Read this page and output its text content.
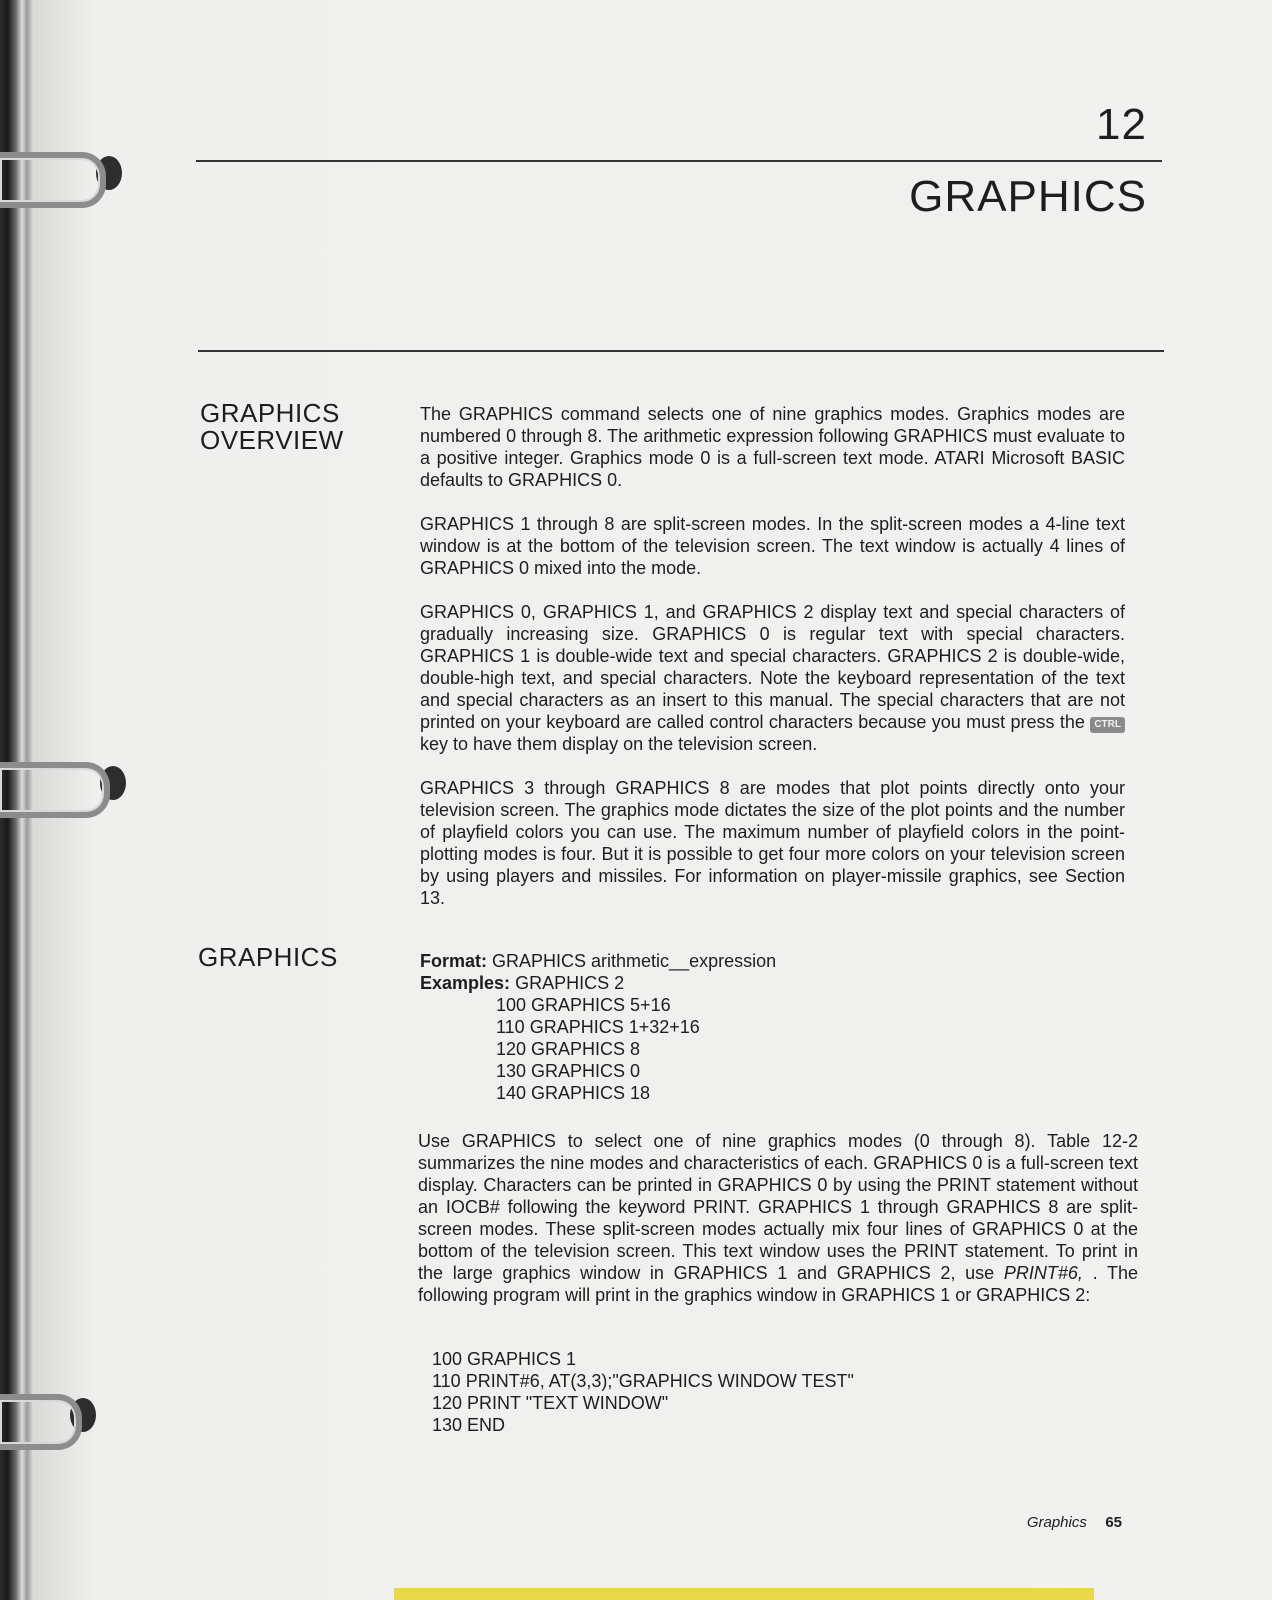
12
GRAPHICS
GRAPHICS
OVERVIEW

The GRAPHICS command selects one of nine graphics modes. Graphics modes are numbered 0 through 8. The arithmetic expression following GRAPHICS must evaluate to a positive integer. Graphics mode 0 is a full-screen text mode. ATARI Microsoft BASIC defaults to GRAPHICS 0.

GRAPHICS 1 through 8 are split-screen modes. In the split-screen modes a 4-line text window is at the bottom of the television screen. The text window is actually 4 lines of GRAPHICS 0 mixed into the mode.

GRAPHICS 0, GRAPHICS 1, and GRAPHICS 2 display text and special characters of gradually increasing size. GRAPHICS 0 is regular text with special characters. GRAPHICS 1 is double-wide text and special characters. GRAPHICS 2 is double-wide, double-high text, and special characters. Note the keyboard representation of the text and special characters as an insert to this manual. The special characters that are not printed on your keyboard are called control characters because you must press the CTRL key to have them display on the television screen.

GRAPHICS 3 through GRAPHICS 8 are modes that plot points directly onto your television screen. The graphics mode dictates the size of the plot points and the number of playfield colors you can use. The maximum number of playfield colors in the point-plotting modes is four. But it is possible to get four more colors on your television screen by using players and missiles. For information on player-missile graphics, see Section 13.

GRAPHICS	Format: GRAPHICS arithmetic__expression
Examples: GRAPHICS 2
100 GRAPHICS 5+16
110 GRAPHICS 1+32+16
120 GRAPHICS 8
130 GRAPHICS 0
140 GRAPHICS 18

Use GRAPHICS to select one of nine graphics modes (0 through 8). Table 12-2 summarizes the nine modes and characteristics of each. GRAPHICS 0 is a full-screen text display. Characters can be printed in GRAPHICS 0 by using the PRINT statement without an IOCB# following the keyword PRINT. GRAPHICS 1 through GRAPHICS 8 are split-screen modes. These split-screen modes actually mix four lines of GRAPHICS 0 at the bottom of the television screen. This text window uses the PRINT statement. To print in the large graphics window in GRAPHICS 1 and GRAPHICS 2, use PRINT#6, . The following program will print in the graphics window in GRAPHICS 1 or GRAPHICS 2:

100 GRAPHICS 1
110 PRINT#6, AT(3,3);"GRAPHICS WINDOW TEST"
120 PRINT "TEXT WINDOW"
130 END
Graphics 65
